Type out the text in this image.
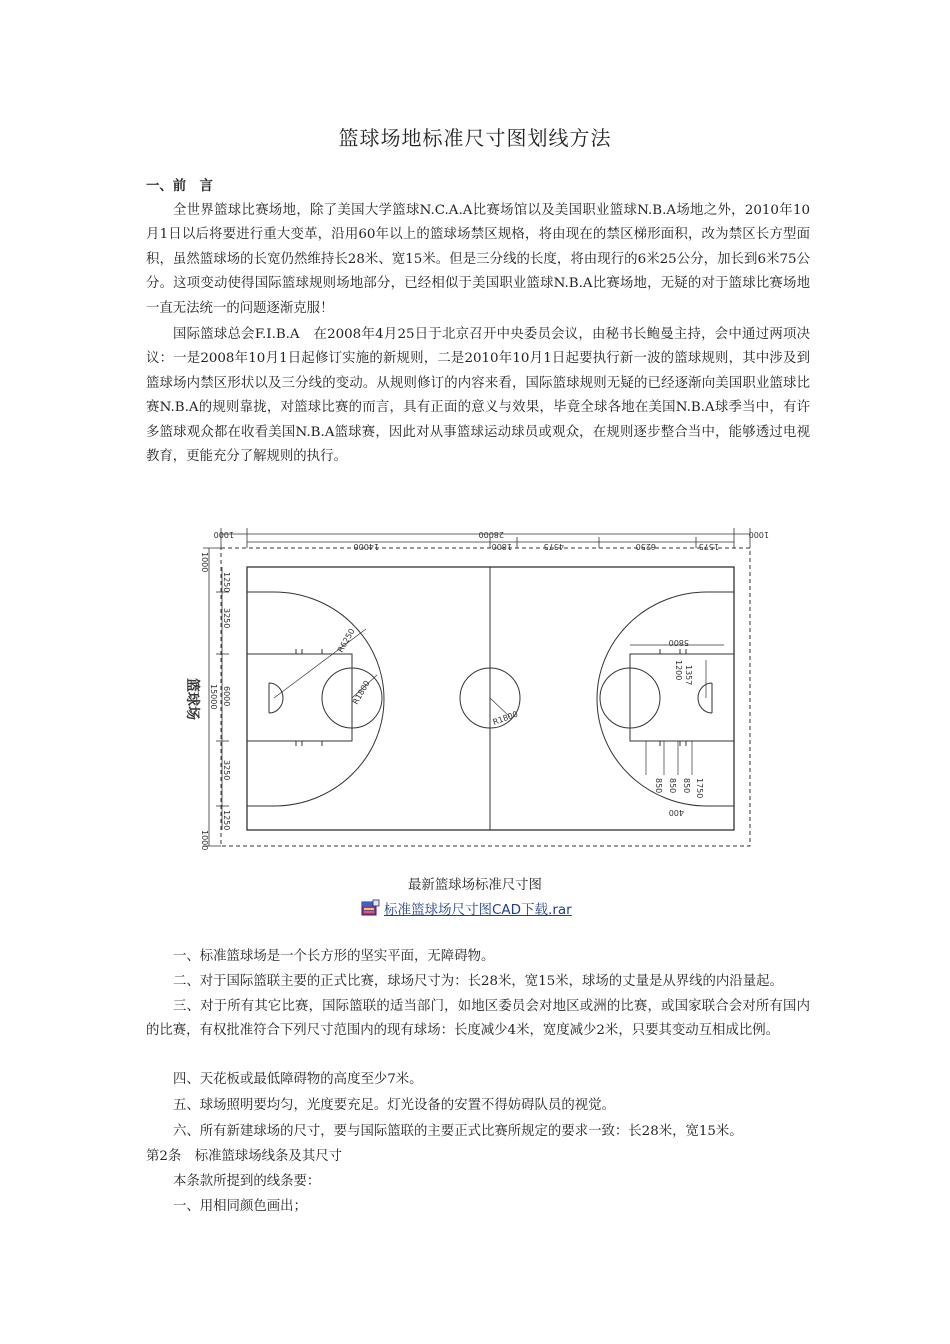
篮球场地标准尺寸图划线方法

一、前　言

全世界篮球比赛场地，除了美国大学篮球N.C.A.A比赛场馆以及美国职业篮球N.B.A场地之外，2010年10月1日以后将要进行重大变革，沿用60年以上的篮球场禁区规格，将由现在的禁区梯形面积，改为禁区长方型面积，虽然篮球场的长宽仍然维持长28米、宽15米。但是三分线的长度，将由现行的6米25公分，加长到6米75公分。这项变动使得国际篮球规则场地部分，已经相似于美国职业篮球N.B.A比赛场地，无疑的对于篮球比赛场地一直无法统一的问题逐渐克服！

国际篮球总会F.I.B.A　在2008年4月25日于北京召开中央委员会议，由秘书长鲍曼主持，会中通过两项决议：一是2008年10月1日起修订实施的新规则，二是2010年10月1日起要执行新一波的篮球规则，其中涉及到篮球场内禁区形状以及三分线的变动。从规则修订的内容来看，国际篮球规则无疑的已经逐渐向美国职业篮球比赛N.B.A的规则靠拢，对篮球比赛的而言，具有正面的意义与效果，毕竟全球各地在美国N.B.A球季当中，有许多篮球观众都在收看美国N.B.A篮球赛，因此对从事篮球运动球员或观众，在规则逐步整合当中，能够透过电视教育，更能充分了解规则的执行。

1000	28000
14000	1800	4375	6250	1575
1000
1000
1250
3250
15000 6000
3250
1250
1000
篮球场
R6250
R1800
R1800
5800
1200 1357
1750
850
850
850
400
最新篮球场标准尺寸图
标准篮球场尺寸图CAD下载.rar

一、标准篮球场是一个长方形的坚实平面，无障碍物。

二、对于国际篮联主要的正式比赛，球场尺寸为：长28米，宽15米，球场的丈量是从界线的内沿量起。

三、对于所有其它比赛，国际篮联的适当部门，如地区委员会对地区或洲的比赛，或国家联合会对所有国内的比赛，有权批准符合下列尺寸范围内的现有球场：长度减少4米，宽度减少2米，只要其变动互相成比例。

四、天花板或最低障碍物的高度至少7米。

五、球场照明要均匀，光度要充足。灯光设备的安置不得妨碍队员的视觉。

六、所有新建球场的尺寸，要与国际篮联的主要正式比赛所规定的要求一致：长28米，宽15米。

第2条　标准篮球场线条及其尺寸

本条款所提到的线条要：

一、用相同颜色画出；
